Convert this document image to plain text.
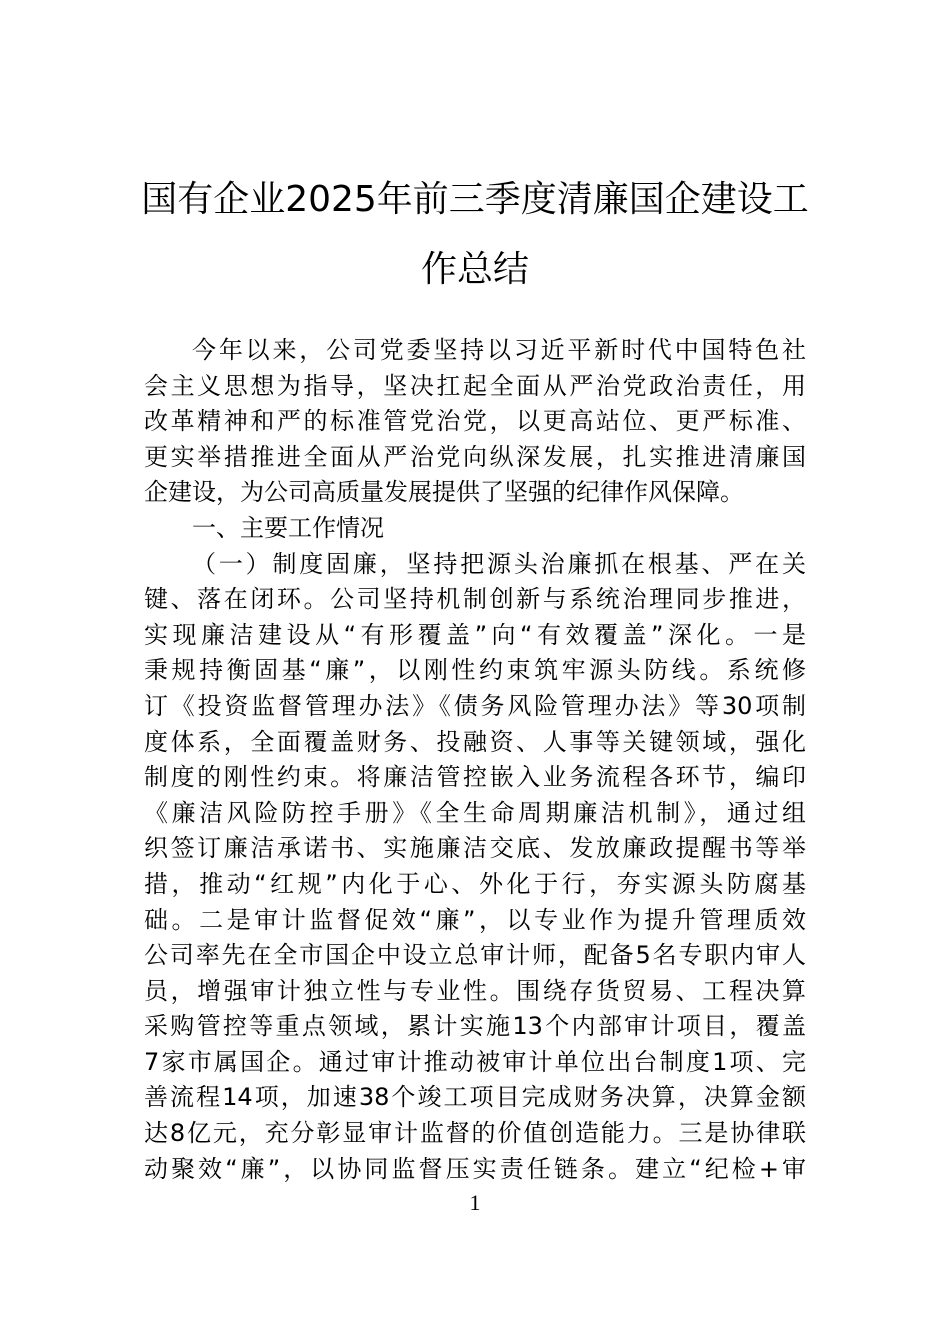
国有企业2025年前三季度清廉国企建设工
作总结
今年以来，公司党委坚持以习近平新时代中国特色社
会主义思想为指导，坚决扛起全面从严治党政治责任，用
改革精神和严的标准管党治党，以更高站位、更严标准、
更实举措推进全面从严治党向纵深发展，扎实推进清廉国
企建设，为公司高质量发展提供了坚强的纪律作风保障。
一、主要工作情况
（一）制度固廉，坚持把源头治廉抓在根基、严在关
键、落在闭环。公司坚持机制创新与系统治理同步推进，
实现廉洁建设从“有形覆盖”向“有效覆盖”深化。一是
秉规持衡固基“廉”，以刚性约束筑牢源头防线。系统修
订《投资监督管理办法》《债务风险管理办法》等30项制
度体系，全面覆盖财务、投融资、人事等关键领域，强化
制度的刚性约束。将廉洁管控嵌入业务流程各环节，编印
《廉洁风险防控手册》《全生命周期廉洁机制》，通过组
织签订廉洁承诺书、实施廉洁交底、发放廉政提醒书等举
措，推动“红规”内化于心、外化于行，夯实源头防腐基
础。二是审计监督促效“廉”，以专业作为提升管理质效
公司率先在全市国企中设立总审计师，配备5名专职内审人
员，增强审计独立性与专业性。围绕存货贸易、工程决算
采购管控等重点领域，累计实施13个内部审计项目，覆盖
7家市属国企。通过审计推动被审计单位出台制度1项、完
善流程14项，加速38个竣工项目完成财务决算，决算金额
达8亿元，充分彰显审计监督的价值创造能力。三是协律联
动聚效“廉”，以协同监督压实责任链条。建立“纪检+审
1
